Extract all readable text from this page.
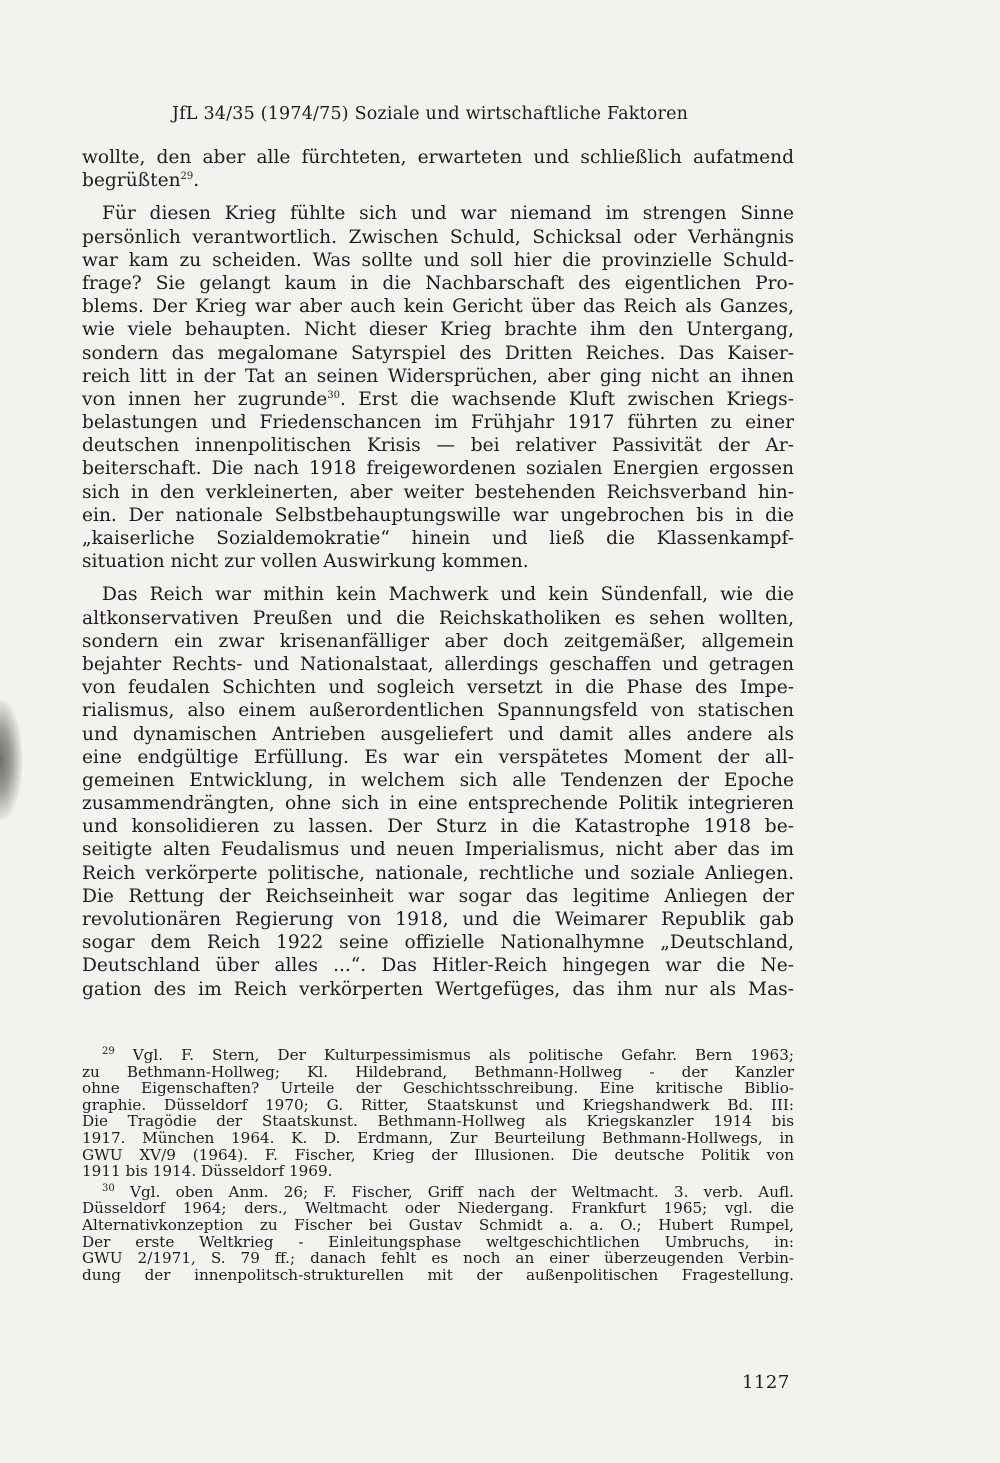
JfL 34/35 (1974/75) Soziale und wirtschaftliche Faktoren
wollte, den aber alle fürchteten, erwarteten und schließlich aufatmend
begrüßten$^{29}$.
Für diesen Krieg fühlte sich und war niemand im strengen Sinne
persönlich verantwortlich. Zwischen Schuld, Schicksal oder Verhängnis
war kam zu scheiden. Was sollte und soll hier die provinzielle Schuld-
frage? Sie gelangt kaum in die Nachbarschaft des eigentlichen Pro-
blems. Der Krieg war aber auch kein Gericht über das Reich als Ganzes,
wie viele behaupten. Nicht dieser Krieg brachte ihm den Untergang,
sondern das megalomane Satyrspiel des Dritten Reiches. Das Kaiser-
reich litt in der Tat an seinen Widersprüchen, aber ging nicht an ihnen
von innen her zugrunde$^{30}$. Erst die wachsende Kluft zwischen Kriegs-
belastungen und Friedenschancen im Frühjahr 1917 führten zu einer
deutschen innenpolitischen Krisis — bei relativer Passivität der Ar-
beiterschaft. Die nach 1918 freigewordenen sozialen Energien ergossen
sich in den verkleinerten, aber weiter bestehenden Reichsverband hin-
ein. Der nationale Selbstbehauptungswille war ungebrochen bis in die
„kaiserliche Sozialdemokratie“ hinein und ließ die Klassenkampf-
situation nicht zur vollen Auswirkung kommen.
Das Reich war mithin kein Machwerk und kein Sündenfall, wie die
altkonservativen Preußen und die Reichskatholiken es sehen wollten,
sondern ein zwar krisenanfälliger aber doch zeitgemäßer, allgemein
bejahter Rechts- und Nationalstaat, allerdings geschaffen und getragen
von feudalen Schichten und sogleich versetzt in die Phase des Impe-
rialismus, also einem außerordentlichen Spannungsfeld von statischen
und dynamischen Antrieben ausgeliefert und damit alles andere als
eine endgültige Erfüllung. Es war ein verspätetes Moment der all-
gemeinen Entwicklung, in welchem sich alle Tendenzen der Epoche
zusammendrängten, ohne sich in eine entsprechende Politik integrieren
und konsolidieren zu lassen. Der Sturz in die Katastrophe 1918 be-
seitigte alten Feudalismus und neuen Imperialismus, nicht aber das im
Reich verkörperte politische, nationale, rechtliche und soziale Anliegen.
Die Rettung der Reichseinheit war sogar das legitime Anliegen der
revolutionären Regierung von 1918, und die Weimarer Republik gab
sogar dem Reich 1922 seine offizielle Nationalhymne „Deutschland,
Deutschland über alles ...“. Das Hitler-Reich hingegen war die Ne-
gation des im Reich verkörperten Wertgefüges, das ihm nur als Mas-
$^{29}$ Vgl. F. Stern, Der Kulturpessimismus als politische Gefahr. Bern 1963;
zu Bethmann-Hollweg; Kl. Hildebrand, Bethmann-Hollweg - der Kanzler
ohne Eigenschaften? Urteile der Geschichtsschreibung. Eine kritische Biblio-
graphie. Düsseldorf 1970; G. Ritter, Staatskunst und Kriegshandwerk Bd. III:
Die Tragödie der Staatskunst. Bethmann-Hollweg als Kriegskanzler 1914 bis
1917. München 1964. K. D. Erdmann, Zur Beurteilung Bethmann-Hollwegs, in
GWU XV/9 (1964). F. Fischer, Krieg der Illusionen. Die deutsche Politik von
1911 bis 1914. Düsseldorf 1969.
$^{30}$ Vgl. oben Anm. 26; F. Fischer, Griff nach der Weltmacht. 3. verb. Aufl.
Düsseldorf 1964; ders., Weltmacht oder Niedergang. Frankfurt 1965; vgl. die
Alternativkonzeption zu Fischer bei Gustav Schmidt a. a. O.; Hubert Rumpel,
Der erste Weltkrieg - Einleitungsphase weltgeschichtlichen Umbruchs, in:
GWU 2/1971, S. 79 ff.; danach fehlt es noch an einer überzeugenden Verbin-
dung der innenpolitsch-strukturellen mit der außenpolitischen Fragestellung.
1127
